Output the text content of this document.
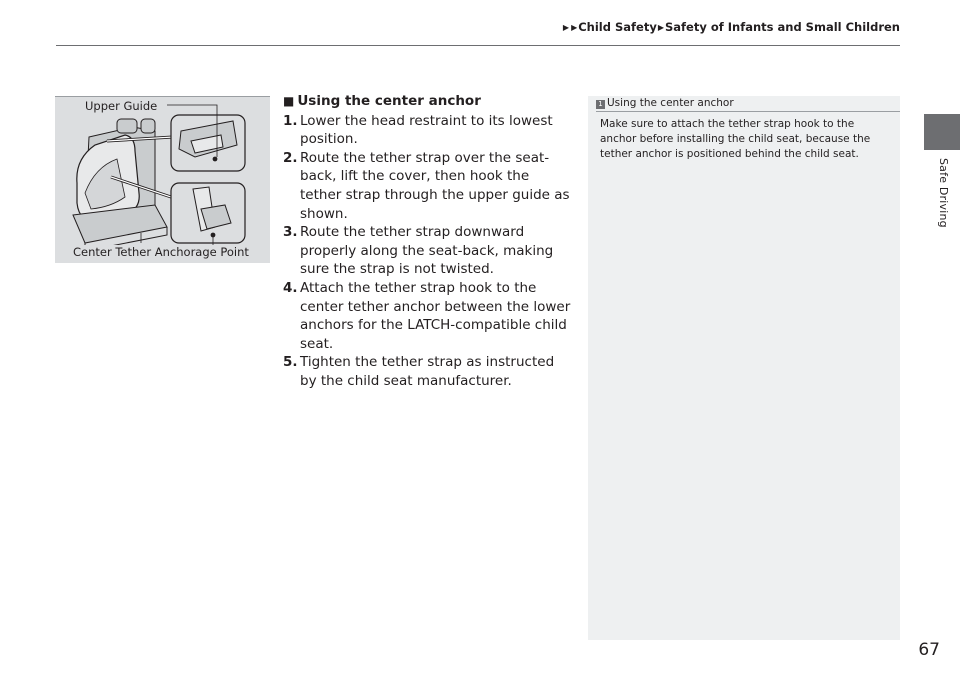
▶ ▶Child Safety▶Safety of Infants and Small Children
Safe Driving
Upper Guide
Center Tether Anchorage Point
■ Using the center anchor
1. Lower the head restraint to its lowest position.
2. Route the tether strap over the seat-back, lift the cover, then hook the tether strap through the upper guide as shown.
3. Route the tether strap downward properly along the seat-back, making sure the strap is not twisted.
4. Attach the tether strap hook to the center tether anchor between the lower anchors for the LATCH-compatible child seat.
5. Tighten the tether strap as instructed by the child seat manufacturer.
1 Using the center anchor
Make sure to attach the tether strap hook to the anchor before installing the child seat, because the tether anchor is positioned behind the child seat.
67
